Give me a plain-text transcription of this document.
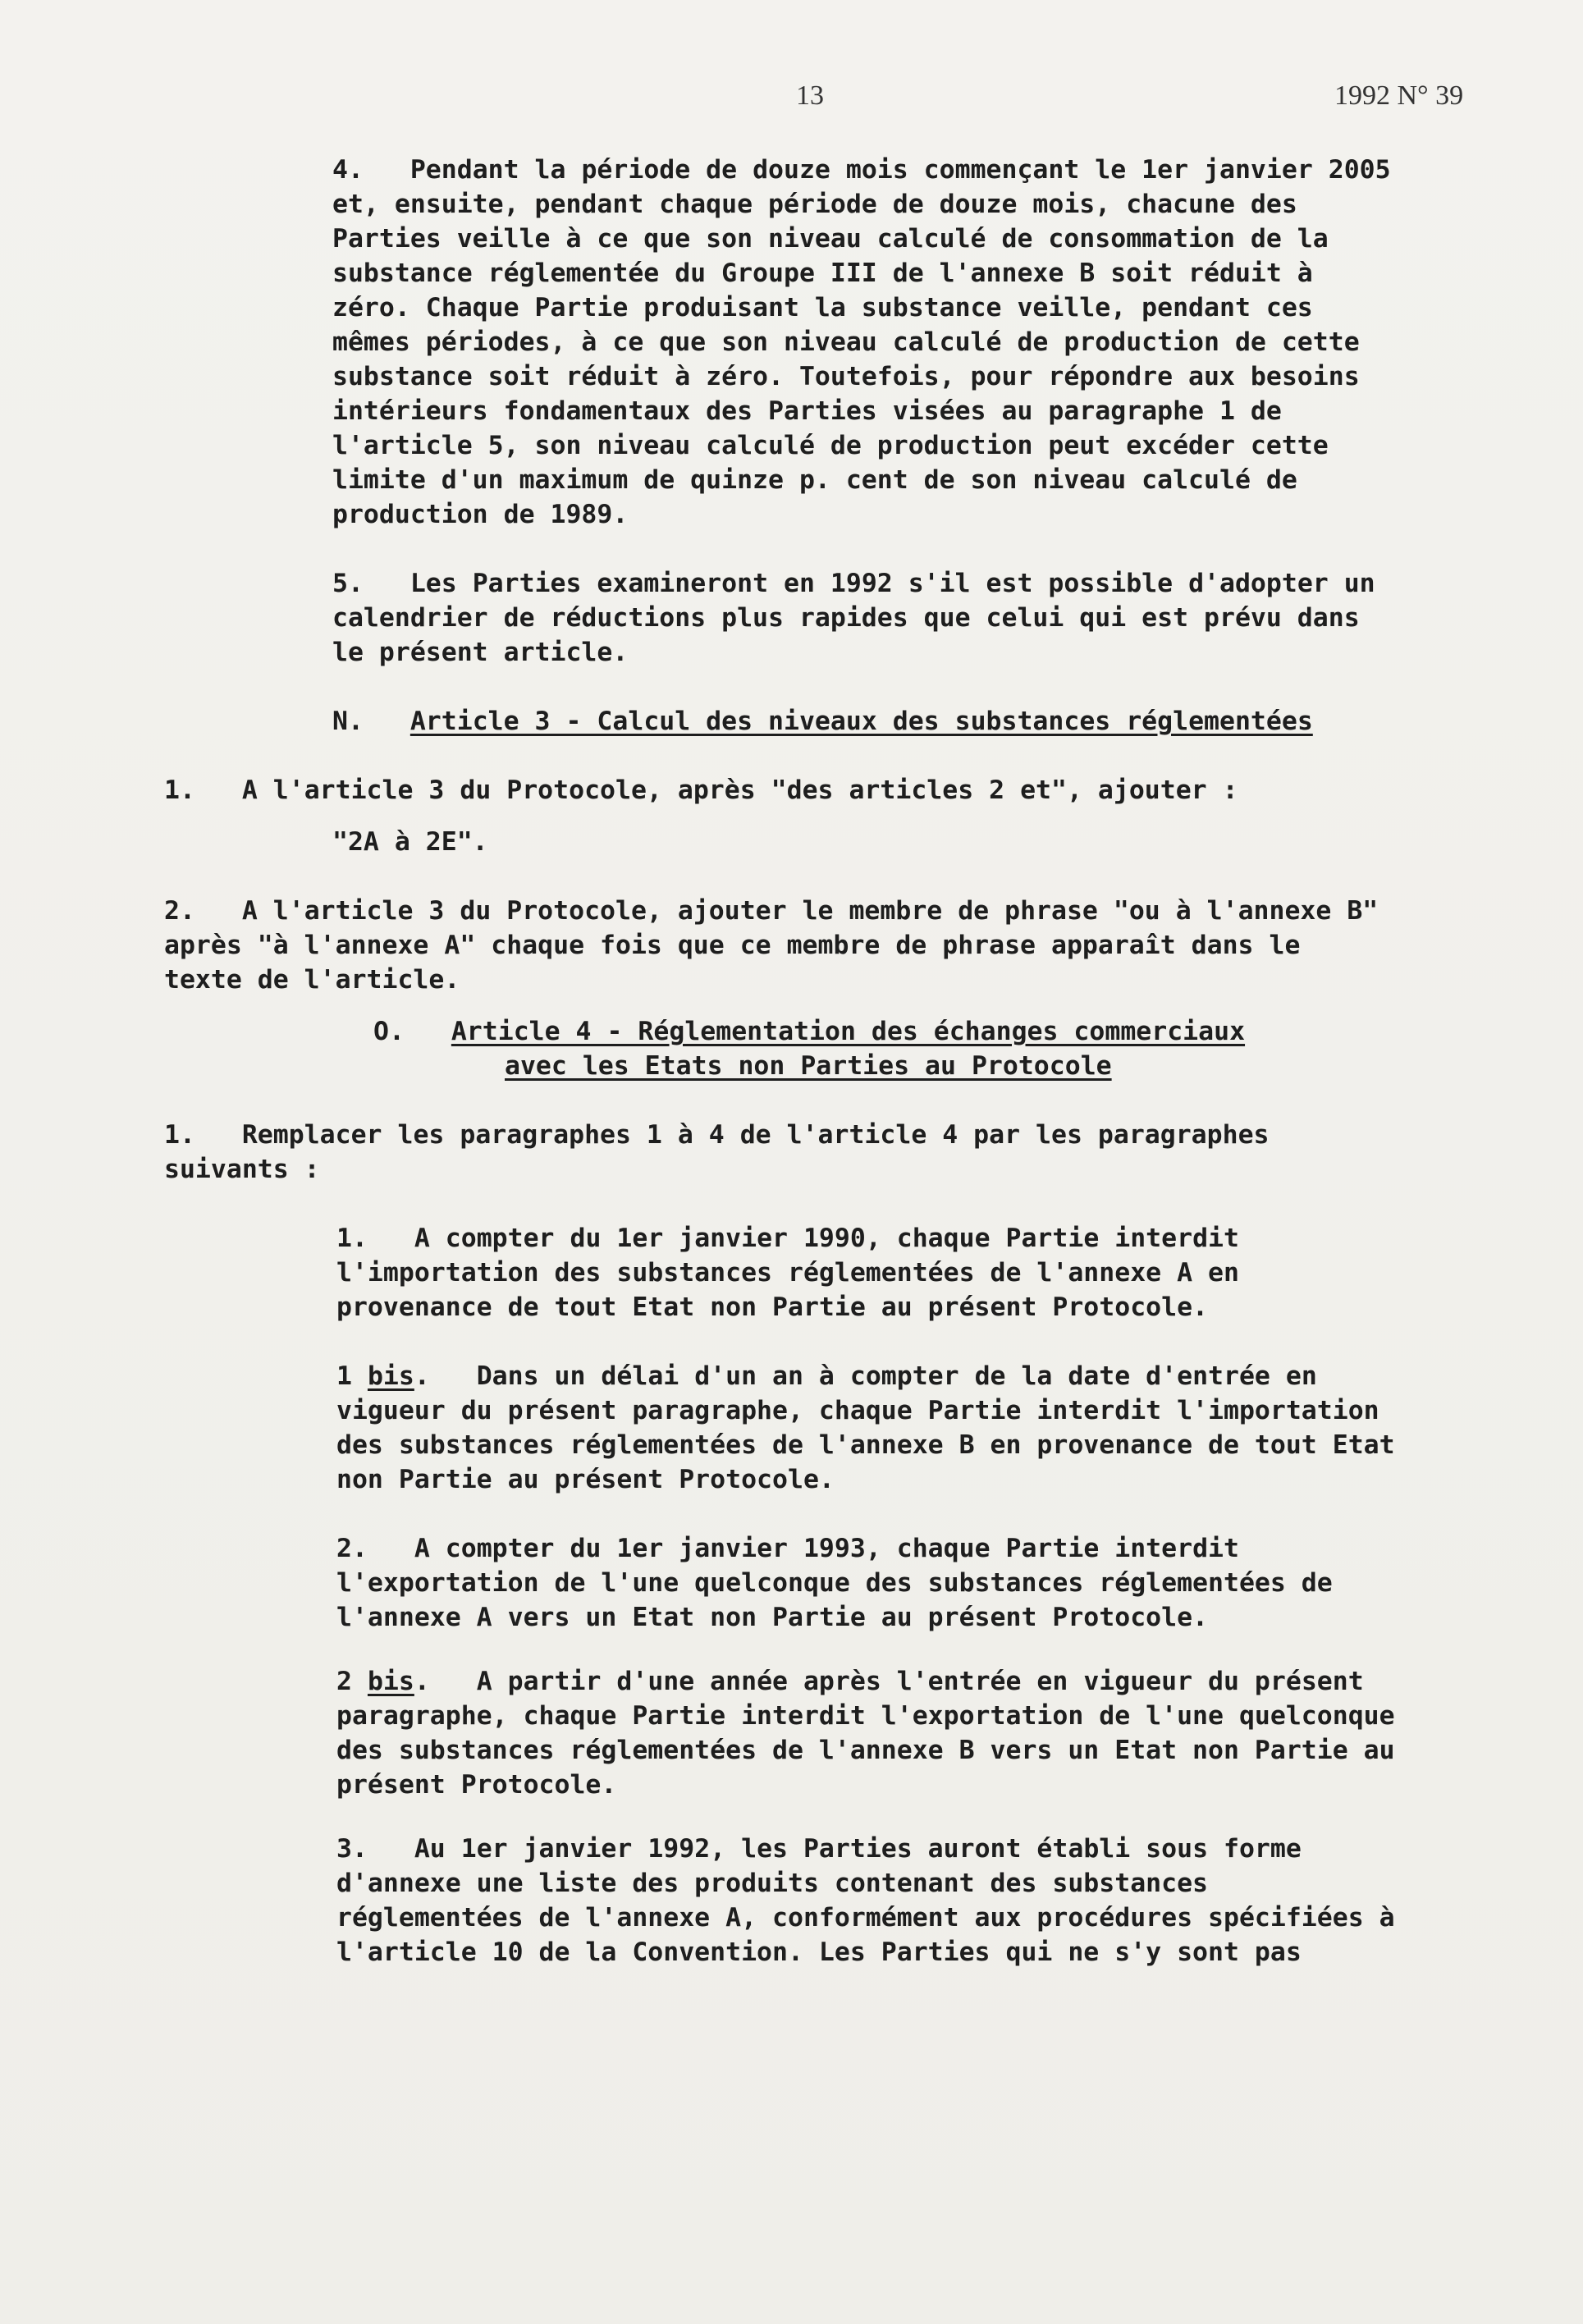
13	1992 N° 39
4. Pendant la période de douze mois commençant le 1er janvier 2005
et, ensuite, pendant chaque période de douze mois, chacune des
Parties veille à ce que son niveau calculé de consommation de la
substance réglementée du Groupe III de l'annexe B soit réduit à
zéro. Chaque Partie produisant la substance veille, pendant ces
mêmes périodes, à ce que son niveau calculé de production de cette
substance soit réduit à zéro. Toutefois, pour répondre aux besoins
intérieurs fondamentaux des Parties visées au paragraphe 1 de
l'article 5, son niveau calculé de production peut excéder cette
limite d'un maximum de quinze p. cent de son niveau calculé de
production de 1989.
5. Les Parties examineront en 1992 s'il est possible d'adopter un
calendrier de réductions plus rapides que celui qui est prévu dans
le présent article.
N. Article 3 - Calcul des niveaux des substances réglementées
1. A l'article 3 du Protocole, après "des articles 2 et", ajouter :
"2A à 2E".
2. A l'article 3 du Protocole, ajouter le membre de phrase "ou à l'annexe B"
après "à l'annexe A" chaque fois que ce membre de phrase apparaît dans le
texte de l'article.
O. Article 4 - Réglementation des échanges commerciaux
avec les Etats non Parties au Protocole
1. Remplacer les paragraphes 1 à 4 de l'article 4 par les paragraphes
suivants :
1. A compter du 1er janvier 1990, chaque Partie interdit
l'importation des substances réglementées de l'annexe A en
provenance de tout Etat non Partie au présent Protocole.
1 bis.   Dans un délai d'un an à compter de la date d'entrée en
vigueur du présent paragraphe, chaque Partie interdit l'importation
des substances réglementées de l'annexe B en provenance de tout Etat
non Partie au présent Protocole.
2. A compter du 1er janvier 1993, chaque Partie interdit
l'exportation de l'une quelconque des substances réglementées de
l'annexe A vers un Etat non Partie au présent Protocole.
2 bis.   A partir d'une année après l'entrée en vigueur du présent
paragraphe, chaque Partie interdit l'exportation de l'une quelconque
des substances réglementées de l'annexe B vers un Etat non Partie au
présent Protocole.
3. Au 1er janvier 1992, les Parties auront établi sous forme
d'annexe une liste des produits contenant des substances
réglementées de l'annexe A, conformément aux procédures spécifiées à
l'article 10 de la Convention. Les Parties qui ne s'y sont pas
